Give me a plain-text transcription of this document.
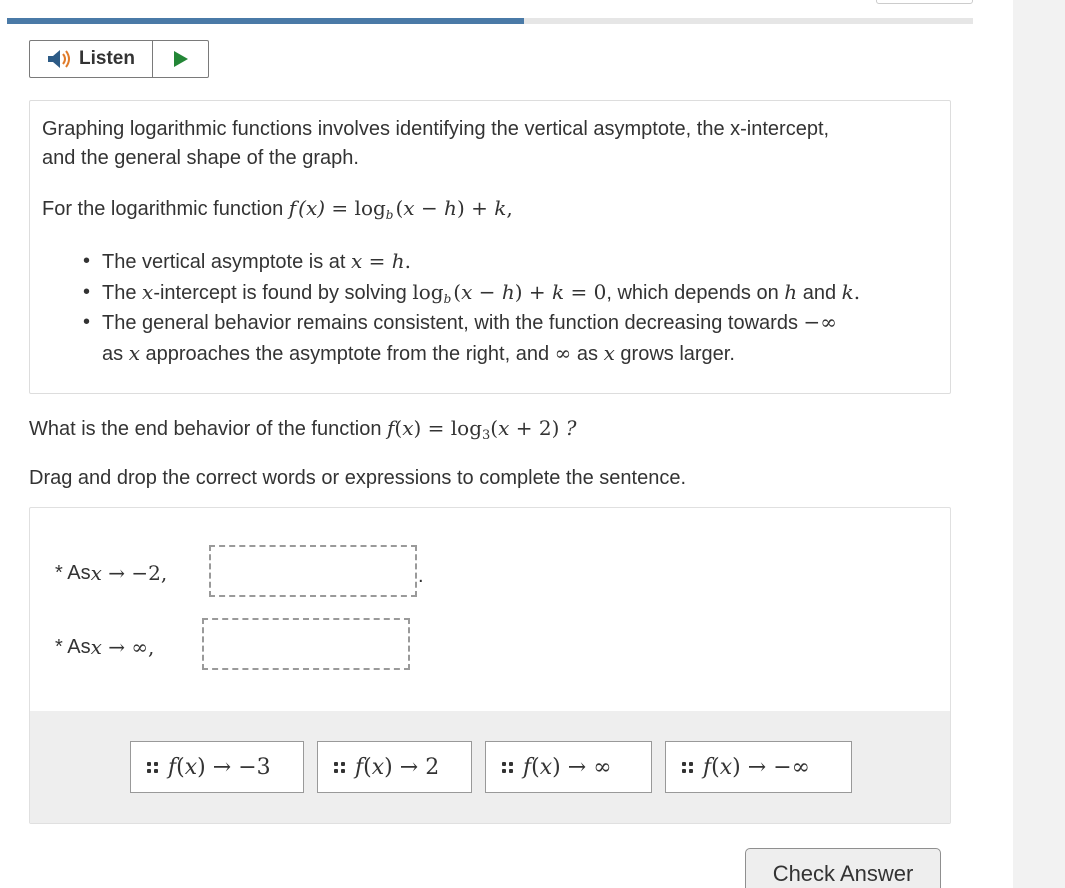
Listen

Graphing logarithmic functions involves identifying the vertical asymptote, the x-intercept,

and the general shape of the graph.

For the logarithmic function f $(x) = \log_b$  (x − h) + k,

• The vertical asymptote is at x = h.
• The x-intercept is found by solving $\log_b$  (x − h) + k = 0, which depends on h and k.
• The general behavior remains consistent, with the function decreasing towards −∞
as x approaches the asymptote from the right, and ∞ as x grows larger.

What is the end behavior of the function $f(x) = \log_3(x + 2)$ ?

Drag and drop the correct words or expressions to complete the sentence.

* As x → −2,	.
* As x → ∞,
f(x) → −3	f(x) → 2	f(x) → ∞	f(x) → −∞
Check Answer
